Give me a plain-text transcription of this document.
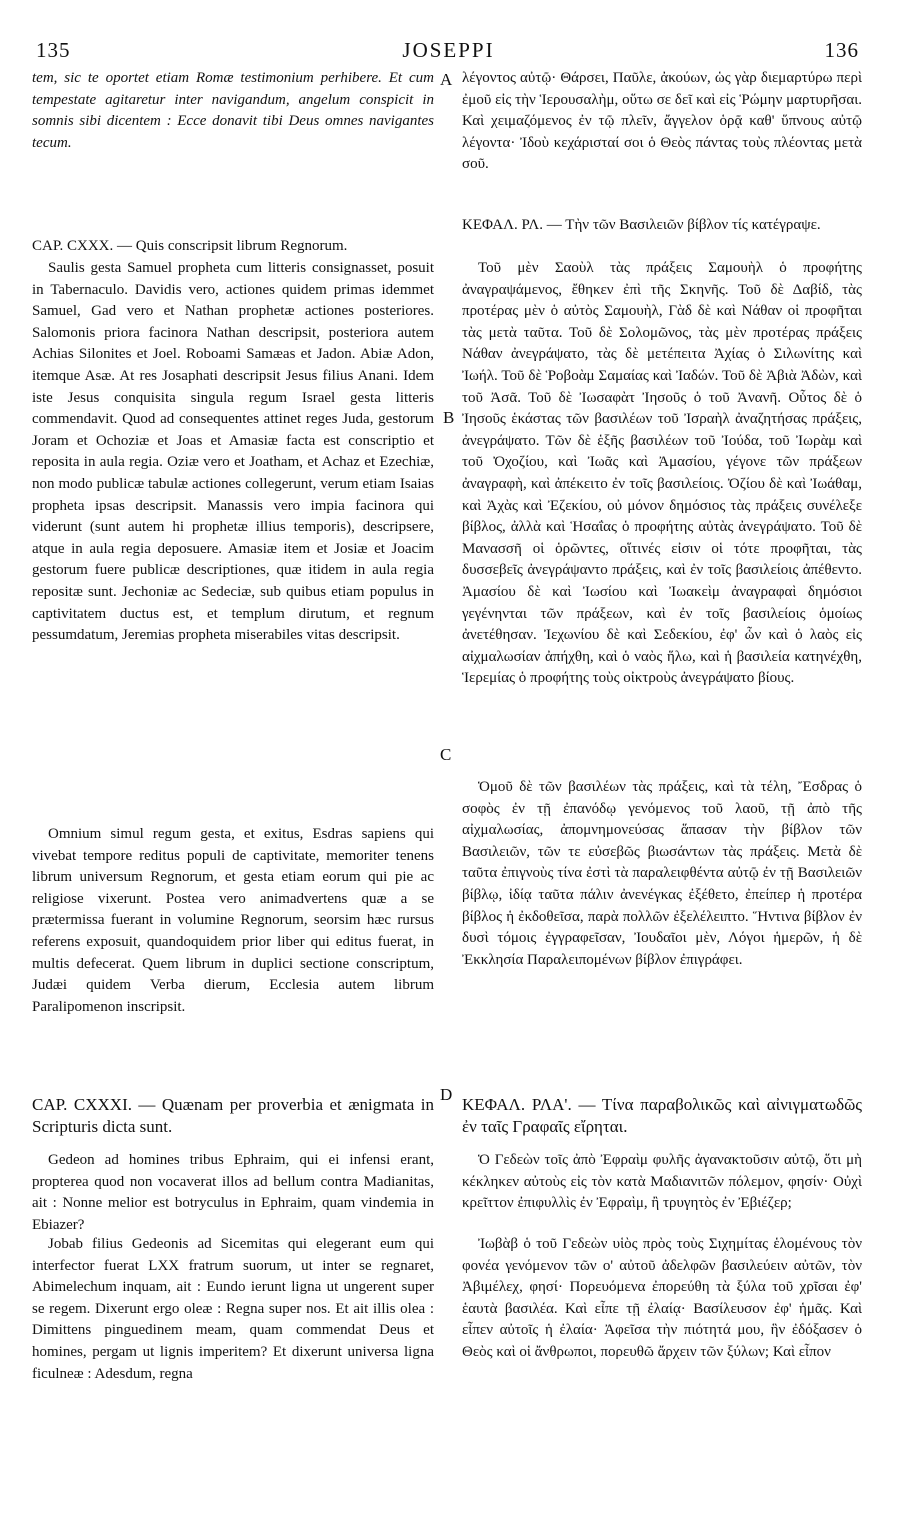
135	JOSEPPI	136
A
B
C
D

tem, sic te oportet etiam Romæ testimonium perhibere. Et cum tempestate agitaretur inter navigandum, angelum conspicit in somnis sibi dicentem : Ecce donavit tibi Deus omnes navigantes tecum.

CAP. CXXX. — Quis conscripsit librum Regnorum.

Saulis gesta Samuel propheta cum litteris consignasset, posuit in Tabernaculo. Davidis vero, actiones quidem primas idemmet Samuel, Gad vero et Nathan prophetæ actiones posteriores. Salomonis priora facinora Nathan descripsit, posteriora autem Achias Silonites et Joel. Roboami Samæas et Jadon. Abiæ Adon, itemque Asæ. At res Josaphati descripsit Jesus filius Anani. Idem iste Jesus conquisita singula regum Israel gesta litteris commendavit. Quod ad consequentes attinet reges Juda, gestorum Joram et Ochoziæ et Joas et Amasiæ facta est conscriptio et reposita in aula regia. Oziæ vero et Joatham, et Achaz et Ezechiæ, non modo publicæ tabulæ actiones collegerunt, verum etiam Isaias propheta ipsas descripsit. Manassis vero impia facinora qui viderunt (sunt autem hi prophetæ illius temporis), descripsere, atque in aula regia deposuere. Amasiæ item et Josiæ et Joacim gestorum fuere publicæ descriptiones, quæ itidem in aula regia repositæ sunt. Jechoniæ ac Sedeciæ, sub quibus etiam populus in captivitatem ductus est, et templum dirutum, et regnum pessumdatum, Jeremias propheta miserabiles vitas descripsit.

Omnium simul regum gesta, et exitus, Esdras sapiens qui vivebat tempore reditus populi de captivitate, memoriter tenens librum universum Regnorum, et gesta etiam eorum qui pie ac religiose vixerunt. Postea vero animadvertens quæ a se prætermissa fuerant in volumine Regnorum, seorsim hæc rursus referens exposuit, quandoquidem prior liber qui editus fuerat, in multis defecerat. Quem librum in duplici sectione conscriptum, Judæi quidem Verba dierum, Ecclesia autem librum Paralipomenon inscripsit.

CAP. CXXXI. — Quænam per proverbia et ænigmata in Scripturis dicta sunt.

Gedeon ad homines tribus Ephraim, qui ei infensi erant, propterea quod non vocaverat illos ad bellum contra Madianitas, ait : Nonne melior est botryculus in Ephraim, quam vindemia in Ebiazer?

Jobab filius Gedeonis ad Sicemitas qui elegerant eum qui interfector fuerat LXX fratrum suorum, ut inter se regnaret, Abimelechum inquam, ait : Eundo ierunt ligna ut ungerent super se regem. Dixerunt ergo oleæ : Regna super nos. Et ait illis olea : Dimittens pinguedinem meam, quam commendat Deus et homines, pergam ut lignis imperitem? Et dixerunt universa ligna ficulneæ : Adesdum, regna

λέγοντος αὐτῷ· Θάρσει, Παῦλε, ἀκούων, ὡς γὰρ διεμαρτύρω περὶ ἐμοῦ εἰς τὴν Ἱερουσαλὴμ, οὕτω σε δεῖ καὶ εἰς Ῥώμην μαρτυρῆσαι. Καὶ χειμαζόμενος ἐν τῷ πλεῖν, ἄγγελον ὁρᾷ καθ' ὕπνους αὐτῷ λέγοντα· Ἰδοὺ κεχάρισταί σοι ὁ Θεὸς πάντας τοὺς πλέοντας μετὰ σοῦ.

ΚΕΦΑΛ. ΡΛ. — Τὴν τῶν Βασιλειῶν βίβλον τίς κατέγραψε.

Τοῦ μὲν Σαοὺλ τὰς πράξεις Σαμουὴλ ὁ προφήτης ἀναγραψάμενος, ἔθηκεν ἐπὶ τῆς Σκηνῆς. Τοῦ δὲ Δαβίδ, τὰς προτέρας μὲν ὁ αὐτὸς Σαμουὴλ, Γὰδ δὲ καὶ Νάθαν οἱ προφῆται τὰς μετὰ ταῦτα. Τοῦ δὲ Σολομῶνος, τὰς μὲν προτέρας πράξεις Νάθαν ἀνεγράψατο, τὰς δὲ μετέπειτα Ἀχίας ὁ Σιλωνίτης καὶ Ἰωήλ. Τοῦ δὲ Ῥοβοὰμ Σαμαίας καὶ Ἰαδών. Τοῦ δὲ Ἀβιὰ Ἀδὼν, καὶ τοῦ Ἀσᾶ. Τοῦ δὲ Ἰωσαφὰτ Ἰησοῦς ὁ τοῦ Ἀνανῆ. Οὗτος δὲ ὁ Ἰησοῦς ἑκάστας τῶν βασιλέων τοῦ Ἰσραὴλ ἀναζητήσας πράξεις, ἀνεγράψατο. Τῶν δὲ ἑξῆς βασιλέων τοῦ Ἰούδα, τοῦ Ἰωρὰμ καὶ τοῦ Ὀχοζίου, καὶ Ἰωᾶς καὶ Ἀμασίου, γέγονε τῶν πράξεων ἀναγραφὴ, καὶ ἀπέκειτο ἐν τοῖς βασιλείοις. Ὀζίου δὲ καὶ Ἰωάθαμ, καὶ Ἀχὰς καὶ Ἐζεκίου, οὐ μόνον δημόσιος τὰς πράξεις συνέλεξε βίβλος, ἀλλὰ καὶ Ἡσαΐας ὁ προφήτης αὐτὰς ἀνεγράψατο. Τοῦ δὲ Μανασσῆ οἱ ὁρῶντες, οἵτινές εἰσιν οἱ τότε προφῆται, τὰς δυσσεβεῖς ἀνεγράψαντο πράξεις, καὶ ἐν τοῖς βασιλείοις ἀπέθεντο. Ἀμασίου δὲ καὶ Ἰωσίου καὶ Ἰωακεὶμ ἀναγραφαὶ δημόσιοι γεγένηνται τῶν πράξεων, καὶ ἐν τοῖς βασιλείοις ὁμοίως ἀνετέθησαν. Ἰεχωνίου δὲ καὶ Σεδεκίου, ἐφ' ὧν καὶ ὁ λαὸς εἰς αἰχμαλωσίαν ἀπήχθη, καὶ ὁ ναὸς ἥλω, καὶ ἡ βασιλεία κατηνέχθη, Ἱερεμίας ὁ προφήτης τοὺς οἰκτροὺς ἀνεγράψατο βίους.

Ὁμοῦ δὲ τῶν βασιλέων τὰς πράξεις, καὶ τὰ τέλη, Ἔσδρας ὁ σοφὸς ἐν τῇ ἐπανόδῳ γενόμενος τοῦ λαοῦ, τῇ ἀπὸ τῆς αἰχμαλωσίας, ἀπομνημονεύσας ἅπασαν τὴν βίβλον τῶν Βασιλειῶν, τῶν τε εὐσεβῶς βιωσάντων τὰς πράξεις. Μετὰ δὲ ταῦτα ἐπιγνοὺς τίνα ἐστὶ τὰ παραλειφθέντα αὐτῷ ἐν τῇ Βασιλειῶν βίβλῳ, ἰδίᾳ ταῦτα πάλιν ἀνενέγκας ἐξέθετο, ἐπείπερ ἡ προτέρα βίβλος ἡ ἐκδοθεῖσα, παρὰ πολλῶν ἐξελέλειπτο. Ἥντινα βίβλον ἐν δυσὶ τόμοις ἐγγραφεῖσαν, Ἰουδαῖοι μὲν, Λόγοι ἡμερῶν, ἡ δὲ Ἐκκλησία Παραλειπομένων βίβλον ἐπιγράφει.

ΚΕΦΑΛ. ΡΛΑ'. — Τίνα παραβολικῶς καὶ αἰνιγματωδῶς ἐν ταῖς Γραφαῖς εἴρηται.

Ὁ Γεδεὼν τοῖς ἀπὸ Ἐφραὶμ φυλῆς ἀγανακτοῦσιν αὐτῷ, ὅτι μὴ κέκληκεν αὐτοὺς εἰς τὸν κατὰ Μαδιανιτῶν πόλεμον, φησίν· Οὐχὶ κρεῖττον ἐπιφυλλὶς ἐν Ἐφραὶμ, ἢ τρυγητὸς ἐν Ἐβιέζερ;

Ἰωβὰβ ὁ τοῦ Γεδεὼν υἱὸς πρὸς τοὺς Σιχημίτας ἑλομένους τὸν φονέα γενόμενον τῶν ο' αὐτοῦ ἀδελφῶν βασιλεύειν αὐτῶν, τὸν Ἀβιμέλεχ, φησί· Πορευόμενα ἐπορεύθη τὰ ξύλα τοῦ χρῖσαι ἐφ' ἑαυτὰ βασιλέα. Καὶ εἶπε τῇ ἐλαίᾳ· Βασίλευσον ἐφ' ἡμᾶς. Καὶ εἶπεν αὐτοῖς ἡ ἐλαία· Ἀφεῖσα τὴν πιότητά μου, ἣν ἐδόξασεν ὁ Θεὸς καὶ οἱ ἄνθρωποι, πορευθῶ ἄρχειν τῶν ξύλων; Καὶ εἶπον
